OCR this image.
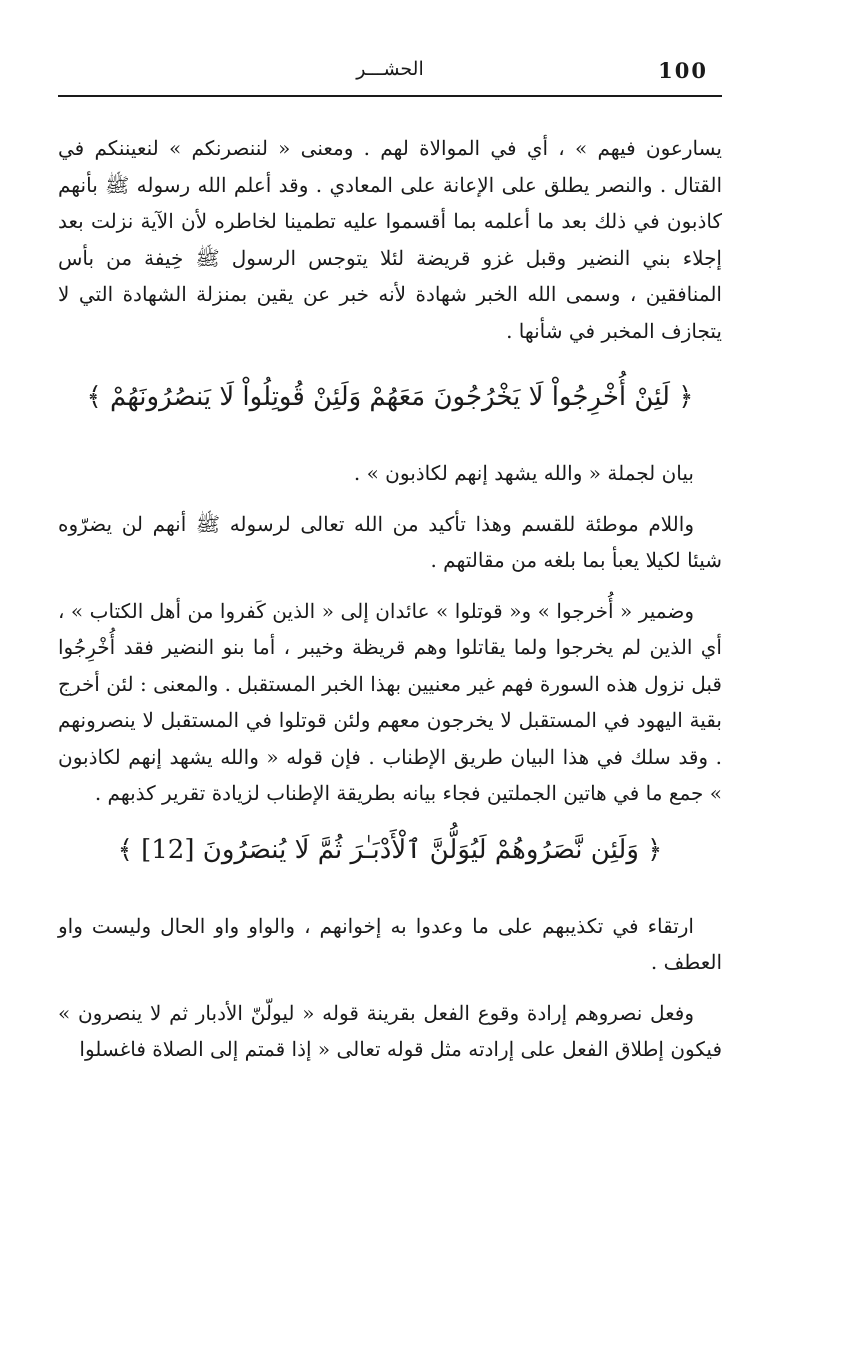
100
الحشـــر

يسارعون فيهم » ، أي في الموالاة لهم . ومعنى « لننصرنكم » لنعيننكم في القتال . والنصر يطلق على الإعانة على المعادي . وقد أعلم الله رسوله ﷺ بأنهم كاذبون في ذلك بعد ما أعلمه بما أقسموا عليه تطمينا لخاطره لأن الآية نزلت بعد إجلاء بني النضير وقبل غزو قريضة لئلا يتوجس الرسول ﷺ خِيفة من بأس المنافقين ، وسمى الله الخبر شهادة لأنه خبر عن يقين بمنزلة الشهادة التي لا يتجازف المخبر في شأنها .

﴿ لَئِنْ أُخْرِجُواْ لَا يَخْرُجُونَ مَعَهُمْ وَلَئِنْ قُوتِلُواْ لَا يَنصُرُونَهُمْ ﴾

بيان لجملة « والله يشهد إنهم لكاذبون » .

واللام موطئة للقسم وهذا تأكيد من الله تعالى لرسوله ﷺ أنهم لن يضرّوه شيئا لكيلا يعبأ بما بلغه من مقالتهم .

وضمير « أُخرجوا » و« قوتلوا » عائدان إلى « الذين كَفروا من أهل الكتاب » ، أي الذين لم يخرجوا ولما يقاتلوا وهم قريظة وخيبر ، أما بنو النضير فقد أُخْرِجُوا قبل نزول هذه السورة فهم غير معنيين بهذا الخبر المستقبل . والمعنى : لئن أخرج بقية اليهود في المستقبل لا يخرجون معهم ولئن قوتلوا في المستقبل لا ينصرونهم . وقد سلك في هذا البيان طريق الإطناب . فإن قوله « والله يشهد إنهم لكاذبون » جمع ما في هاتين الجملتين فجاء بيانه بطريقة الإطناب لزيادة تقرير كذبهم .

﴿ وَلَئِن نَّصَرُوهُمْ لَيُوَلُّنَّ ٱلْأَدْبَـٰرَ ثُمَّ لَا يُنصَرُونَ [12] ﴾

ارتقاء في تكذيبهم على ما وعدوا به إخوانهم ، والواو واو الحال وليست واو العطف .

وفعل نصروهم إرادة وقوع الفعل بقرينة قوله « ليولّنّ الأدبار ثم لا ينصرون » فيكون إطلاق الفعل على إرادته مثل قوله تعالى « إذا قمتم إلى الصلاة فاغسلوا
